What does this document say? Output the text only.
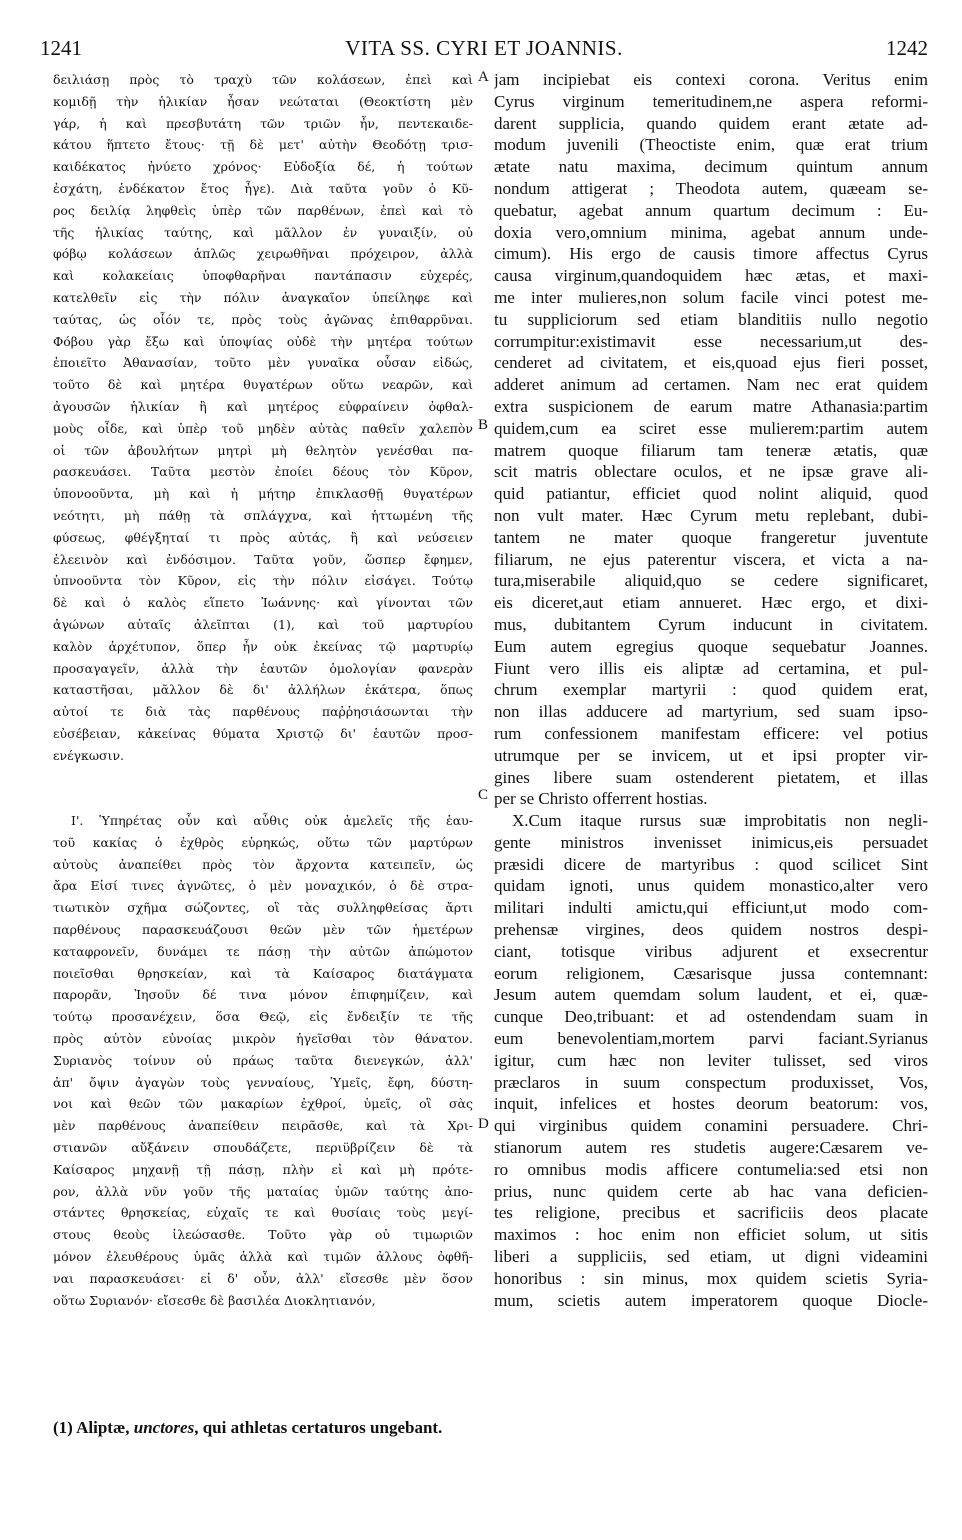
1241	VITA SS. CYRI ET JOANNIS.	1242
δειλιάσῃ πρὸς τὸ τραχὺ τῶν κολάσεων, ἐπεὶ καὶ
κομιδῇ τὴν ἡλικίαν ἦσαν νεώταται (Θεοκτίστη μὲν
γάρ, ἡ καὶ πρεσβυτάτη τῶν τριῶν ἦν, πεντεκαιδε-
κάτου ἥπτετο ἔτους· τῇ δὲ μετ' αὐτὴν Θεοδότῃ τρισ-
καιδέκατος ἠνύετο χρόνος· Εὐδοξία δέ, ἡ τούτων
ἐσχάτη, ἑνδέκατον ἔτος ἦγε). Διὰ ταῦτα γοῦν ὁ Κῦ-
ρος δειλίᾳ ληφθεὶς ὑπὲρ τῶν παρθένων, ἐπεὶ καὶ τὸ
τῆς ἡλικίας ταύτης, καὶ μᾶλλον ἐν γυναιξίν, οὐ
φόβῳ κολάσεων ἁπλῶς χειρωθῆναι πρόχειρον, ἀλλὰ
καὶ κολακείαις ὑποφθαρῆναι παντάπασιν εὐχερές,
κατελθεῖν εἰς τὴν πόλιν ἀναγκαῖον ὑπείληφε καὶ
ταύτας, ὡς οἷόν τε, πρὸς τοὺς ἀγῶνας ἐπιθαρρῦναι.
Φόβου γὰρ ἔξω καὶ ὑποψίας οὐδὲ τὴν μητέρα τούτων
ἐποιεῖτο Ἀθανασίαν, τοῦτο μὲν γυναῖκα οὖσαν εἰδώς,
τοῦτο δὲ καὶ μητέρα θυγατέρων οὕτω νεαρῶν, καὶ
ἀγουσῶν ἡλικίαν ἢ καὶ μητέρος εὐφραίνειν ὀφθαλ-
μοὺς οἶδε, καὶ ὑπὲρ τοῦ μηδὲν αὐτὰς παθεῖν χαλεπὸν
οἱ τῶν ἀβουλήτων μητρὶ μὴ θελητὸν γενέσθαι πα-
ρασκευάσει. Ταῦτα μεστὸν ἐποίει δέους τὸν Κῦρον,
ὑπονοοῦντα, μὴ καὶ ἡ μήτηρ ἐπικλασθῇ θυγατέρων
νεότητι, μὴ πάθῃ τὰ σπλάγχνα, καὶ ἡττωμένη τῆς
φύσεως, φθέγξηταί τι πρὸς αὐτάς, ἢ καὶ νεύσειεν
ἐλεεινὸν καὶ ἐνδόσιμον. Ταῦτα γοῦν, ὥσπερ ἔφημεν,
ὑπνοοῦντα τὸν Κῦρον, εἰς τὴν πόλιν εἰσάγει. Τούτῳ
δὲ καὶ ὁ καλὸς εἵπετο Ἰωάννης· καὶ γίνονται τῶν
ἀγώνων αὐταῖς ἀλεῖπται (1), καὶ τοῦ μαρτυρίου
καλὸν ἀρχέτυπον, ὅπερ ἦν οὐκ ἐκείνας τῷ μαρτυρίῳ
προσαγαγεῖν, ἀλλὰ τὴν ἑαυτῶν ὁμολογίαν φανερὰν
καταστῆσαι, μᾶλλον δὲ δι' ἀλλήλων ἑκάτερα, ὅπως
αὐτοί τε διὰ τὰς παρθένους παῤῥησιάσωνται τὴν
εὐσέβειαν, κἀκείνας θύματα Χριστῷ δι' ἑαυτῶν προσ-
ενέγκωσιν.
Ι'. Ὑπηρέτας οὖν καὶ αὖθις οὐκ ἀμελεῖς τῆς ἑαυ-
τοῦ κακίας ὁ ἐχθρὸς εὑρηκώς, οὕτω τῶν μαρτύρων
αὐτοὺς ἀναπείθει πρὸς τὸν ἄρχοντα κατειπεῖν, ὡς
ἄρα Εἰσί τινες ἀγνῶτες, ὁ μὲν μοναχικόν, ὁ δὲ στρα-
τιωτικὸν σχῆμα σώζοντες, οἳ τὰς συλληφθείσας ἄρτι
παρθένους παρασκευάζουσι θεῶν μὲν τῶν ἡμετέρων
καταφρονεῖν, δυνάμει τε πάσῃ τὴν αὐτῶν ἀπώμοτον
ποιεῖσθαι θρησκείαν, καὶ τὰ Καίσαρος διατάγματα
παρορᾶν, Ἰησοῦν δέ τινα μόνον ἐπιφημίζειν, καὶ
τούτῳ προσανέχειν, ὅσα Θεῷ, εἰς ἔνδειξίν τε τῆς
πρὸς αὐτὸν εὐνοίας μικρὸν ἡγεῖσθαι τὸν θάνατον.
Συριανὸς τοίνυν οὐ πράως ταῦτα διενεγκών, ἀλλ'
ἀπ' ὄψιν ἀγαγὼν τοὺς γενναίους, Ὑμεῖς, ἔφη, δύστη-
νοι καὶ θεῶν τῶν μακαρίων ἐχθροί, ὑμεῖς, οἳ σὰς
μὲν παρθένους ἀναπείθειν πειρᾶσθε, καὶ τὰ Χρι-
στιανῶν αὔξάνειν σπουδάζετε, περιϋβρίζειν δὲ τὰ
Καίσαρος μηχανῇ τῇ πάσῃ, πλὴν εἰ καὶ μὴ πρότε-
ρον, ἀλλὰ νῦν γοῦν τῆς ματαίας ὑμῶν ταύτης ἀπο-
στάντες θρησκείας, εὐχαῖς τε καὶ θυσίαις τοὺς μεγί-
στους θεοὺς ἱλεώσασθε. Τοῦτο γὰρ οὐ τιμωριῶν
μόνον ἐλευθέρους ὑμᾶς ἀλλὰ καὶ τιμῶν ἀλλους ὀφθῆ-
ναι παρασκευάσει· εἰ δ' οὖν, ἀλλ' εἴσεσθε μὲν ὅσον
οὕτω Συριανόν· εἴσεσθε δὲ βασιλέα Διοκλητιανόν,
A
B
C
D
jam incipiebat eis contexi corona. Veritus enim
Cyrus virginum temeritudinem,ne aspera reformi-
darent supplicia, quando quidem erant ætate ad-
modum juvenili (Theoctiste enim, quæ erat trium
ætate natu maxima, decimum quintum annum
nondum attigerat ; Theodota autem, quæeam se-
quebatur, agebat annum quartum decimum : Eu-
doxia vero,omnium minima, agebat annum unde-
cimum). His ergo de causis timore affectus Cyrus
causa virginum,quandoquidem hæc ætas, et maxi-
me inter mulieres,non solum facile vinci potest me-
tu suppliciorum sed etiam blanditiis nullo negotio
corrumpitur:existimavit esse necessarium,ut des-
cenderet ad civitatem, et eis,quoad ejus fieri posset,
adderet animum ad certamen. Nam nec erat quidem
extra suspicionem de earum matre Athanasia:partim
quidem,cum ea sciret esse mulierem:partim autem
matrem quoque filiarum tam teneræ ætatis, quæ
scit matris oblectare oculos, et ne ipsæ grave ali-
quid patiantur, efficiet quod nolint aliquid, quod
non vult mater. Hæc Cyrum metu replebant, dubi-
tantem ne mater quoque frangeretur juventute
filiarum, ne ejus paterentur viscera, et victa a na-
tura,miserabile aliquid,quo se cedere significaret,
eis diceret,aut etiam annueret. Hæc ergo, et dixi-
mus, dubitantem Cyrum inducunt in civitatem.
Eum autem egregius quoque sequebatur Joannes.
Fiunt vero illis eis aliptæ ad certamina, et pul-
chrum exemplar martyrii : quod quidem erat,
non illas adducere ad martyrium, sed suam ipso-
rum confessionem manifestam efficere: vel potius
utrumque per se invicem, ut et ipsi propter vir-
gines libere suam ostenderent pietatem, et illas
per se Christo offerrent hostias.
X.Cum itaque rursus suæ improbitatis non negli-
gente ministros invenisset inimicus,eis persuadet
præsidi dicere de martyribus : quod scilicet Sint
quidam ignoti, unus quidem monasticо,alter vero
militari indulti amictu,qui efficiunt,ut modo com-
prehensæ virgines, deos quidem nostros despi-
ciant, totisque viribus adjurent et exsecrentur
eorum religionem, Cæsarisque jussa contemnant:
Jesum autem quemdam solum laudent, et ei, quæ-
cunque Deo,tribuant: et ad ostendendam suam in
eum benevolentiam,mortem parvi faciant.Syrianus
igitur, cum hæc non leviter tulisset, sed viros
præclaros in suum conspectum produxisset, Vos,
inquit, infelices et hostes deorum beatorum: vos,
qui virginibus quidem conamini persuadere. Chri-
stianorum autem res studetis augere:Cæsarem ve-
ro omnibus modis afficere contumelia:sed etsi non
prius, nunc quidem certe ab hac vana deficien-
tes religione, precibus et sacrificiis deos placate
maximos : hoc enim non efficiet solum, ut sitis
liberi a suppliciis, sed etiam, ut digni videamini
honoribus : sin minus, mox quidem scietis Syria-
mum, scietis autem imperatorem quoque Diocle-
(1) Aliptæ, unctores, qui athletas certaturos ungebant.
